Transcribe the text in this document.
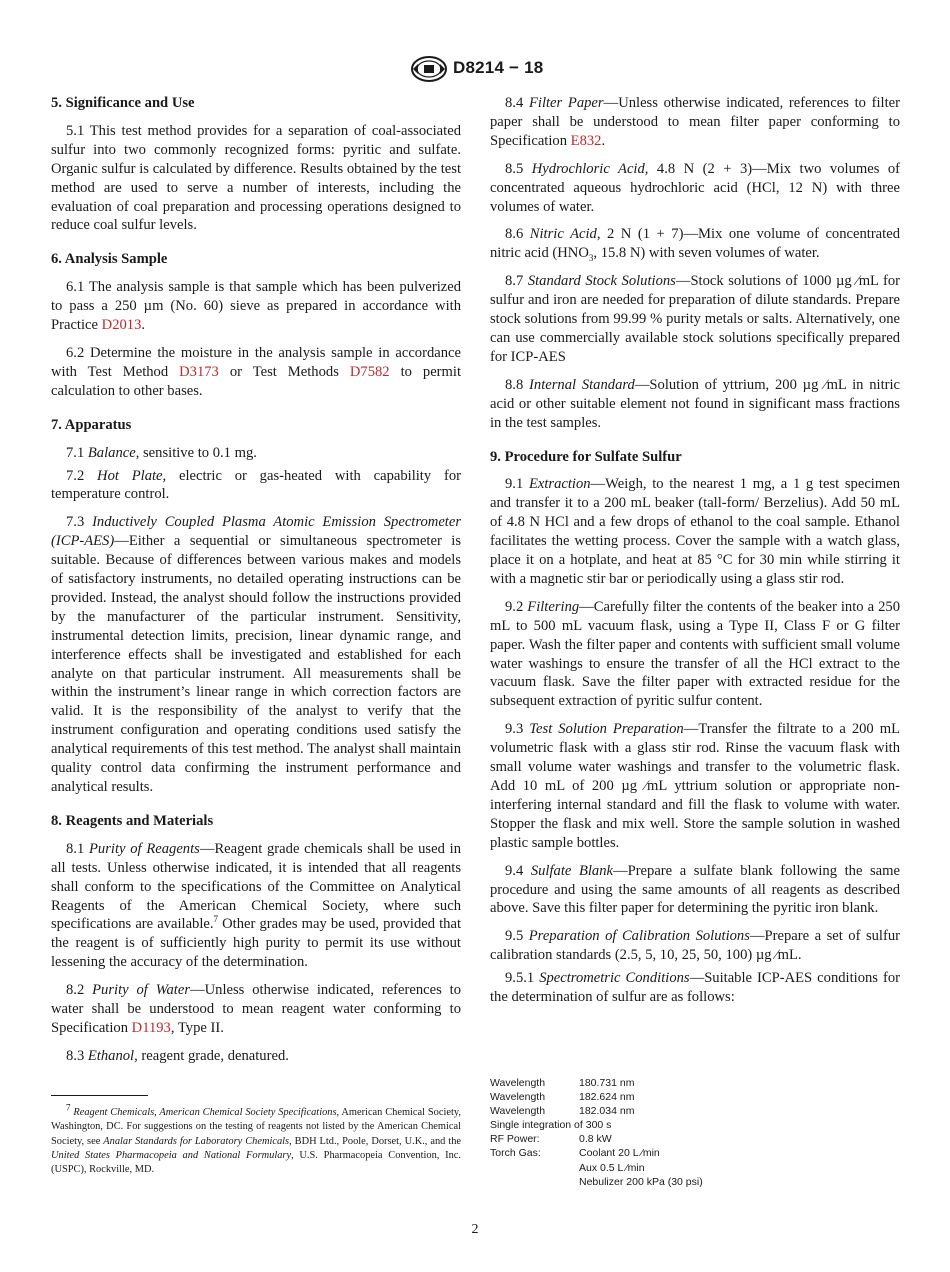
D8214 − 18
5. Significance and Use

5.1 This test method provides for a separation of coal-associated sulfur into two commonly recognized forms: pyritic and sulfate. Organic sulfur is calculated by difference. Results obtained by the test method are used to serve a number of interests, including the evaluation of coal preparation and processing operations designed to reduce coal sulfur levels.

6. Analysis Sample

6.1 The analysis sample is that sample which has been pulverized to pass a 250 µm (No. 60) sieve as prepared in accordance with Practice D2013.

6.2 Determine the moisture in the analysis sample in accordance with Test Method D3173 or Test Methods D7582 to permit calculation to other bases.

7. Apparatus

7.1 Balance, sensitive to 0.1 mg.

7.2 Hot Plate, electric or gas-heated with capability for temperature control.

7.3 Inductively Coupled Plasma Atomic Emission Spectrometer (ICP-AES)—Either a sequential or simultaneous spectrometer is suitable. Because of differences between various makes and models of satisfactory instruments, no detailed operating instructions can be provided. Instead, the analyst should follow the instructions provided by the manufacturer of the particular instrument. Sensitivity, instrumental detection limits, precision, linear dynamic range, and interference effects shall be investigated and established for each analyte on that particular instrument. All measurements shall be within the instrument’s linear range in which correction factors are valid. It is the responsibility of the analyst to verify that the instrument configuration and operating conditions used satisfy the analytical requirements of this test method. The analyst shall maintain quality control data confirming the instrument performance and analytical results.

8. Reagents and Materials

8.1 Purity of Reagents—Reagent grade chemicals shall be used in all tests. Unless otherwise indicated, it is intended that all reagents shall conform to the specifications of the Committee on Analytical Reagents of the American Chemical Society, where such specifications are available.$^7$ Other grades may be used, provided that the reagent is of sufficiently high purity to permit its use without lessening the accuracy of the determination.

8.2 Purity of Water—Unless otherwise indicated, references to water shall be understood to mean reagent water conforming to Specification D1193, Type II.

8.3 Ethanol, reagent grade, denatured.

8.4 Filter Paper—Unless otherwise indicated, references to filter paper shall be understood to mean filter paper conforming to Specification E832.

8.5 Hydrochloric Acid, 4.8 N (2 + 3)—Mix two volumes of concentrated aqueous hydrochloric acid (HCl, 12 N) with three volumes of water.

8.6 Nitric Acid, 2 N (1 + 7)—Mix one volume of concentrated nitric acid ($HNO_3$, 15.8 N) with seven volumes of water.

8.7 Standard Stock Solutions—Stock solutions of 1000 µg ⁄mL for sulfur and iron are needed for preparation of dilute standards. Prepare stock solutions from 99.99 % purity metals or salts. Alternatively, one can use commercially available stock solutions specifically prepared for ICP-AES

8.8 Internal Standard—Solution of yttrium, 200 µg ⁄mL in nitric acid or other suitable element not found in significant mass fractions in the test samples.

9. Procedure for Sulfate Sulfur

9.1 Extraction—Weigh, to the nearest 1 mg, a 1 g test specimen and transfer it to a 200 mL beaker (tall-form/ Berzelius). Add 50 mL of 4.8 N HCl and a few drops of ethanol to the coal sample. Ethanol facilitates the wetting process. Cover the sample with a watch glass, place it on a hotplate, and heat at 85 °C for 30 min while stirring it with a magnetic stir bar or periodically using a glass stir rod.

9.2 Filtering—Carefully filter the contents of the beaker into a 250 mL to 500 mL vacuum flask, using a Type II, Class F or G filter paper. Wash the filter paper and contents with sufficient small volume water washings to ensure the transfer of all the HCl extract to the vacuum flask. Save the filter paper with extracted residue for the subsequent extraction of pyritic sulfur content.

9.3 Test Solution Preparation—Transfer the filtrate to a 200 mL volumetric flask with a glass stir rod. Rinse the vacuum flask with small volume water washings and transfer to the volumetric flask. Add 10 mL of 200 µg ⁄mL yttrium solution or appropriate non-interfering internal standard and fill the flask to volume with water. Stopper the flask and mix well. Store the sample solution in washed plastic sample bottles.

9.4 Sulfate Blank—Prepare a sulfate blank following the same procedure and using the same amounts of all reagents as described above. Save this filter paper for determining the pyritic iron blank.

9.5 Preparation of Calibration Solutions—Prepare a set of sulfur calibration standards (2.5, 5, 10, 25, 50, 100) µg ⁄mL.

9.5.1 Spectrometric Conditions—Suitable ICP-AES conditions for the determination of sulfur are as follows:

Wavelength	180.731 nm
Wavelength	182.624 nm
Wavelength	182.034 nm
Single integration of 300 s
RF Power:	0.8 kW
Torch Gas:	Coolant 20 L ⁄min
Aux 0.5 L ⁄min
Nebulizer 200 kPa (30 psi)

$^7$ Reagent Chemicals, American Chemical Society Specifications, American Chemical Society, Washington, DC. For suggestions on the testing of reagents not listed by the American Chemical Society, see Analar Standards for Laboratory Chemicals, BDH Ltd., Poole, Dorset, U.K., and the United States Pharmacopeia and National Formulary, U.S. Pharmacopeia Convention, Inc. (USPC), Rockville, MD.

2
